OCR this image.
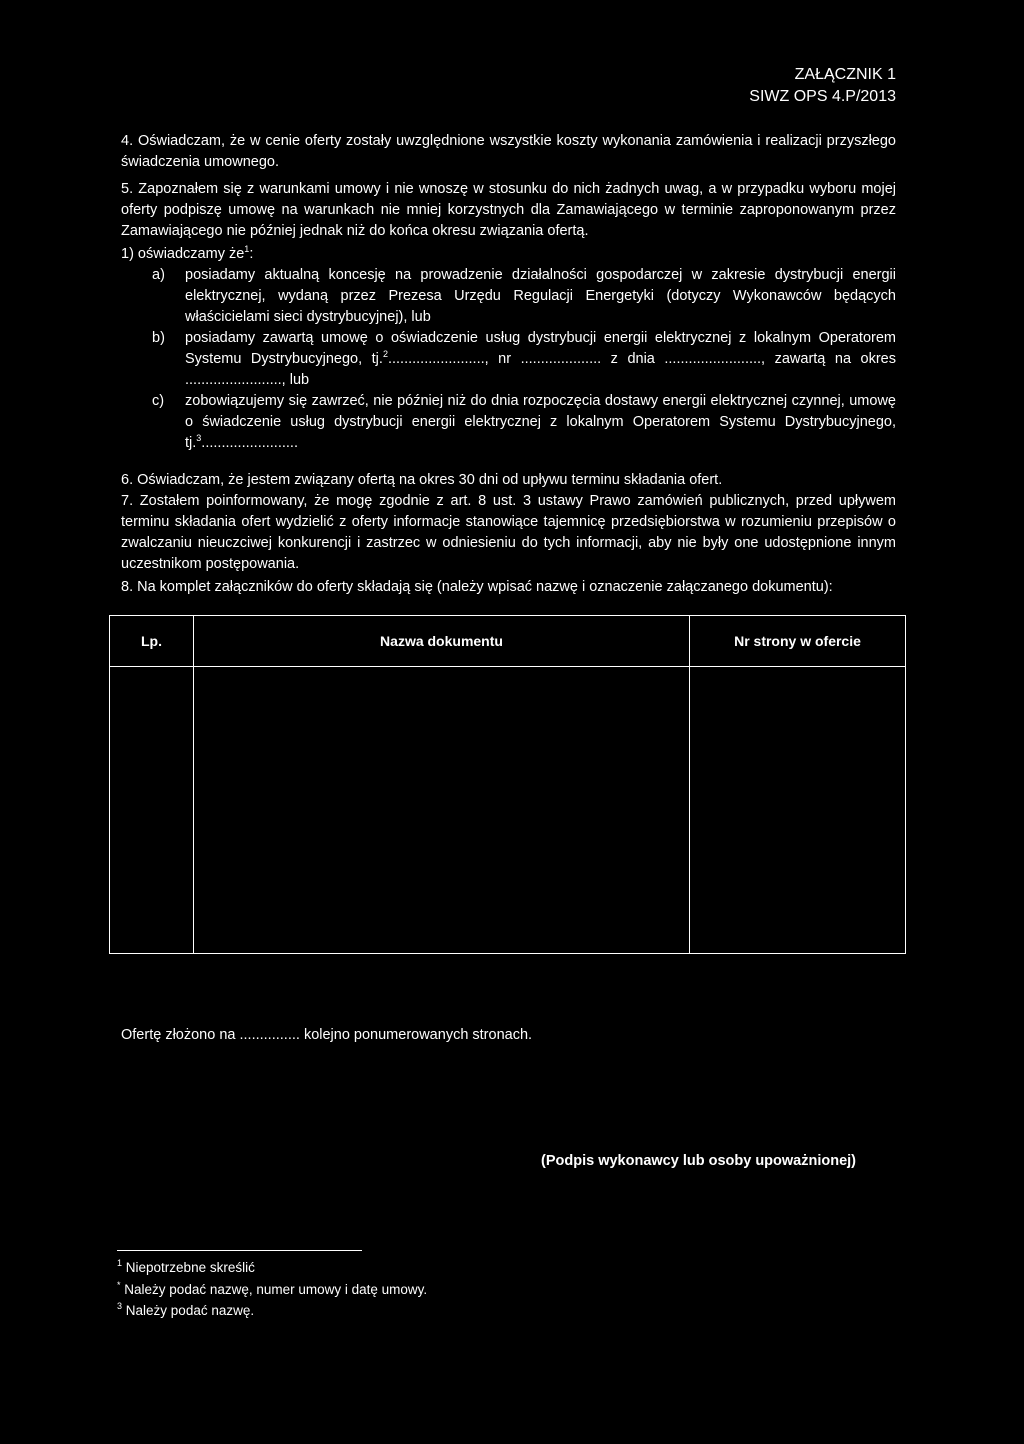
ZAŁĄCZNIK 1
SIWZ OPS 4.P/2013
4. Oświadczam, że w cenie oferty zostały uwzględnione wszystkie koszty wykonania zamówienia i realizacji przyszłego świadczenia umownego.
5. Zapoznałem się z warunkami umowy i nie wnoszę w stosunku do nich żadnych uwag, a w przypadku wyboru mojej oferty podpiszę umowę na warunkach nie mniej korzystnych dla Zamawiającego w terminie zaproponowanym przez Zamawiającego nie później jednak niż do końca okresu związania ofertą.
1) oświadczamy $że^1$:
a) posiadamy aktualną koncesję na prowadzenie działalności gospodarczej w zakresie dystrybucji energii elektrycznej, wydaną przez Prezesa Urzędu Regulacji Energetyki (dotyczy Wykonawców będących właścicielami sieci dystrybucyjnej), lub
b) posiadamy zawartą umowę o oświadczenie usług dystrybucji energii elektrycznej z lokalnym Operatorem Systemu Dystrybucyjnego, tj.$^2$........................, nr .................... z dnia ........................, zawartą na okres ........................, lub
c) zobowiązujemy się zawrzeć, nie później niż do dnia rozpoczęcia dostawy energii elektrycznej czynnej, umowę o świadczenie usług dystrybucji energii elektrycznej z lokalnym Operatorem Systemu Dystrybucyjnego, tj.$^3$........................
6. Oświadczam, że jestem związany ofertą na okres 30 dni od upływu terminu składania ofert.
7. Zostałem poinformowany, że mogę zgodnie z art. 8 ust. 3 ustawy Prawo zamówień publicznych, przed upływem terminu składania ofert wydzielić z oferty informacje stanowiące tajemnicę przedsiębiorstwa w rozumieniu przepisów o zwalczaniu nieuczciwej konkurencji i zastrzec w odniesieniu do tych informacji, aby nie były one udostępnione innym uczestnikom postępowania.
8. Na komplet załączników do oferty składają się (należy wpisać nazwę i oznaczenie załączanego dokumentu):
Lp.	Nazwa dokumentu	Nr strony w ofercie

Ofertę złożono na ............... kolejno ponumerowanych stronach.
(Podpis wykonawcy lub osoby upoważnionej)
$^1$ Niepotrzebne skreślić
* Należy podać nazwę, numer umowy i datę umowy.
$^3$ Należy podać nazwę.
